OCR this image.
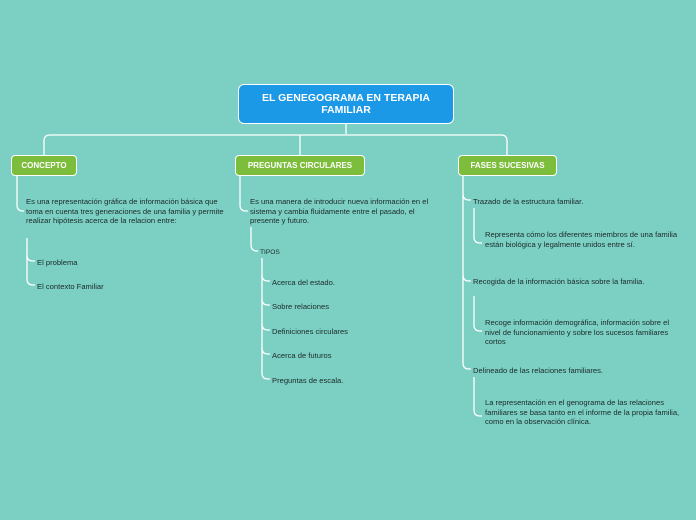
EL GENEGOGRAMA EN TERAPIA FAMILIAR
CONCEPTO	PREGUNTAS CIRCULARES	FASES SUCESIVAS
Es una representación gráfica de información básica que toma en cuenta tres generaciones de una familia y permite realizar hipótesis acerca de la relacion entre:
El problema
El contexto Familiar
Es una manera de introducir nueva información en el sistema y cambia fluidamente entre el pasado, el presente y futuro.
TIPOS
Acerca del estado.
Sobre relaciones
Definiciones circulares
Acerca de futuros
Preguntas de escala.
Trazado de la estructura familiar.
Representa cómo los diferentes miembros de una familia están biológica y legalmente unidos entre sí.
Recogida de la información básica sobre la familia.
Recoge información demográfica, información sobre el nivel de funcionamiento y sobre los sucesos familiares cortos
Delineado de las relaciones familiares.
La representación en el genograma de las relaciones familiares se basa tanto en el informe de la propia familia, como en la observación clínica.
